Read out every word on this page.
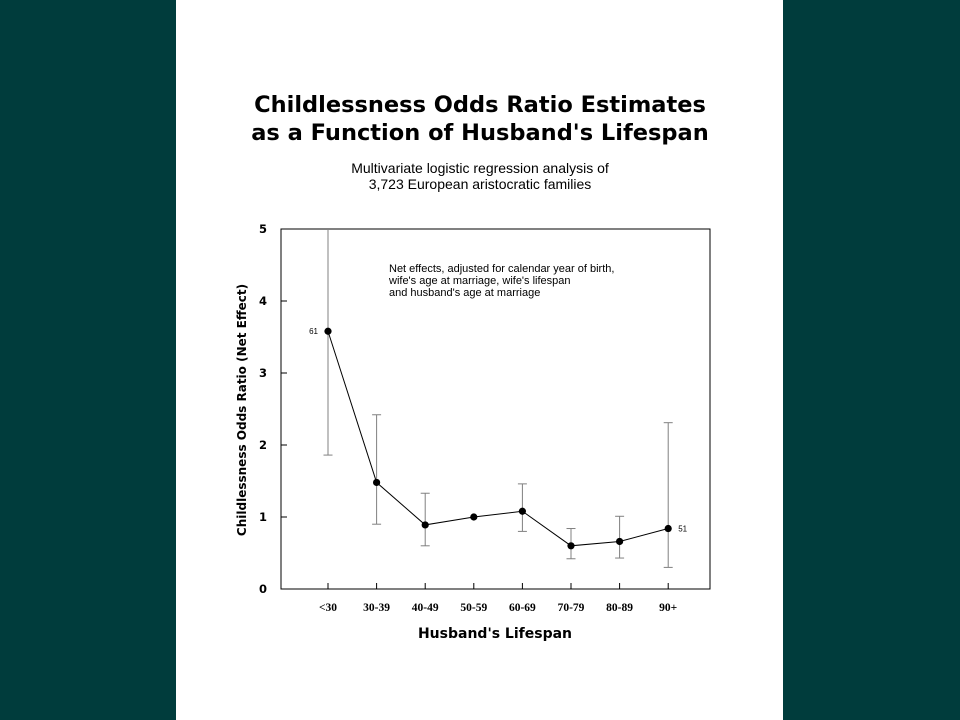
Childlessness Odds Ratio Estimates
as a Function of Husband's Lifespan
Multivariate logistic regression analysis of
3,723 European aristocratic families
0
1
2
3
4
5
<30 30-39 40-49 50-59 60-69 70-79 80-89 90+
61
51
Net effects, adjusted for calendar year of birth,
wife's age at marriage, wife's lifespan
and husband's age at marriage
Husband's Lifespan
Childlessness Odds Ratio (Net Effect)
